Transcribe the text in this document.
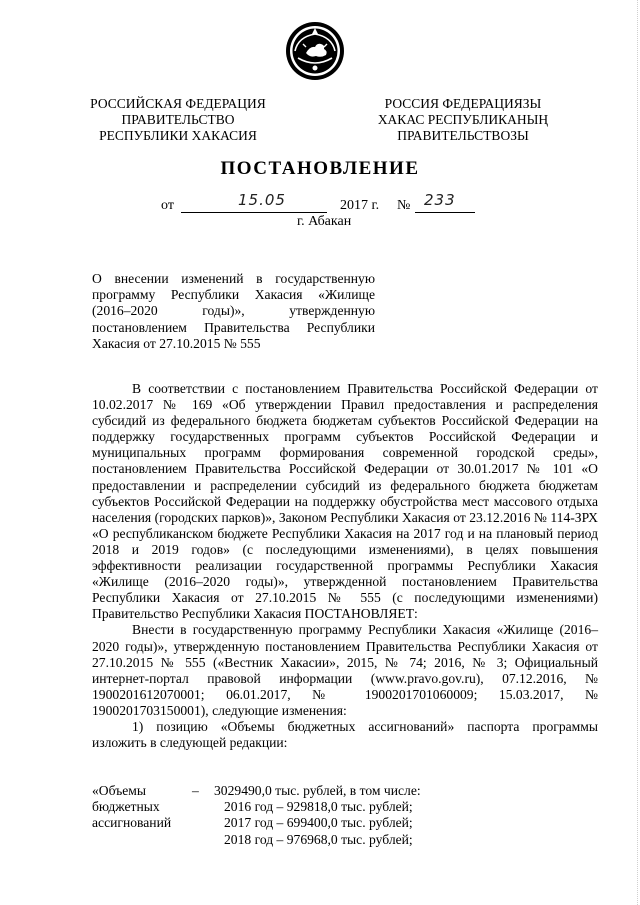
РОССИЙСКАЯ ФЕДЕРАЦИЯ
ПРАВИТЕЛЬСТВО
РЕСПУБЛИКИ ХАКАСИЯ
РОССИЯ ФЕДЕРАЦИЯЗЫ
ХАКАС РЕСПУБЛИКАНЫҢ
ПРАВИТЕЛЬСТВОЗЫ
ПОСТАНОВЛЕНИЕ
от	15.05	2017 г. № 233
г. Абакан

О внесении изменений в государственную программу Республики Хакасия «Жилище (2016–2020 годы)», утвержденную постановлением Правительства Республики Хакасия от 27.10.2015 № 555

В соответствии с постановлением Правительства Российской Федерации от 10.02.2017 № 169 «Об утверждении Правил предоставления и распределения субсидий из федерального бюджета бюджетам субъектов Российской Федерации на поддержку государственных программ субъектов Российской Федерации и муниципальных программ формирования современной городской среды», постановлением Правительства Российской Федерации от 30.01.2017 № 101 «О предоставлении и распределении субсидий из федерального бюджета бюджетам субъектов Российской Федерации на поддержку обустройства мест массового отдыха населения (городских парков)», Законом Республики Хакасия от 23.12.2016 № 114-ЗРХ «О республиканском бюджете Республики Хакасия на 2017 год и на плановый период 2018 и 2019 годов» (с последующими изменениями), в целях повышения эффективности реализации государственной программы Республики Хакасия «Жилище (2016–2020 годы)», утвержденной постановлением Правительства Республики Хакасия от 27.10.2015 № 555 (с последующими изменениями) Правительство Республики Хакасия ПОСТАНОВЛЯЕТ:

Внести в государственную программу Республики Хакасия «Жилище (2016–2020 годы)», утвержденную постановлением Правительства Республики Хакасия от 27.10.2015 № 555 («Вестник Хакасии», 2015, № 74; 2016, № 3; Официальный интернет-портал правовой информации (www.pravo.gov.ru), 07.12.2016, № 1900201612070001; 06.01.2017, № 1900201701060009; 15.03.2017, № 1900201703150001), следующие изменения:

1) позицию «Объемы бюджетных ассигнований» паспорта программы изложить в следующей редакции:

«Объемы
бюджетных
ассигнований
– 3029490,0 тыс. рублей, в том числе:
2016 год – 929818,0 тыс. рублей;
2017 год – 699400,0 тыс. рублей;
2018 год – 976968,0 тыс. рублей;
